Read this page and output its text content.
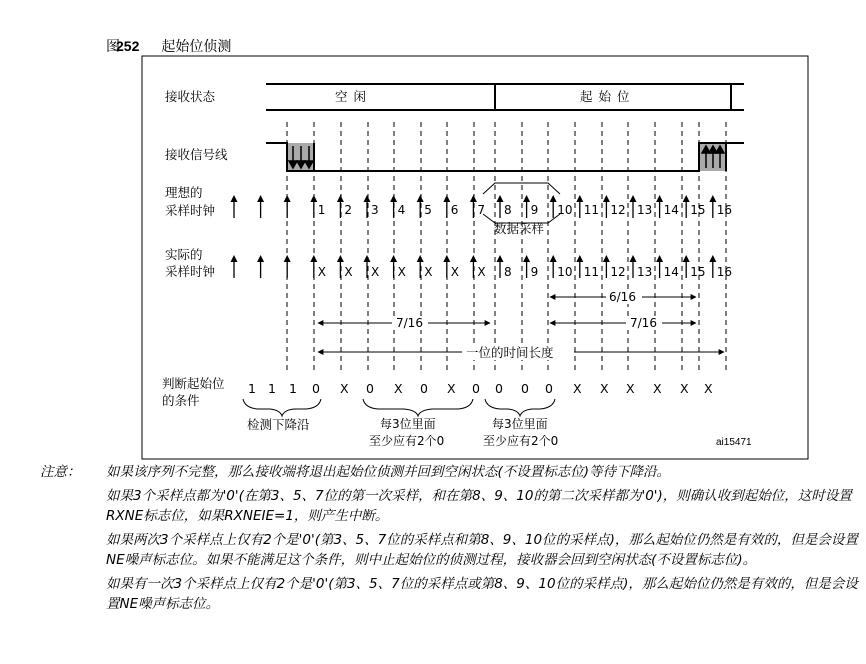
图252 起始位侦测
接收状态
接收信号线
理想的
采样时钟
实际的
采样时钟
判断起始位
的条件
空闲	起始位
1 2 3 4 5 6 7 8 9 10 11 12 13 14 15 16
X X X X X X X 8 9 10 11 12 13 14 15 16
数据采样
6/16
7/16	7/16
一位的时间长度
1 1 1 0 X 0 X 0 X 0 0 0 0 X X X X X X
检测下降沿	每3位里面
至少应有2个0
每3位里面
至少应有2个0	ai15471
注意： 如果该序列不完整，那么接收端将退出起始位侦测并回到空闲状态(不设置标志位)等待下降沿。

如果3个采样点都为'0'(在第3、5、7位的第一次采样，和在第8、9、10的第二次采样都为'0')，则确认收到起始位，这时设置RXNE标志位，如果RXNEIE=1，则产生中断。

如果两次3个采样点上仅有2个是'0'(第3、5、7位的采样点和第8、9、10位的采样点)，那么起始位仍然是有效的，但是会设置NE噪声标志位。如果不能满足这个条件，则中止起始位的侦测过程，接收器会回到空闲状态(不设置标志位)。

如果有一次3个采样点上仅有2个是'0'(第3、5、7位的采样点或第8、9、10位的采样点)，那么起始位仍然是有效的，但是会设置NE噪声标志位。
